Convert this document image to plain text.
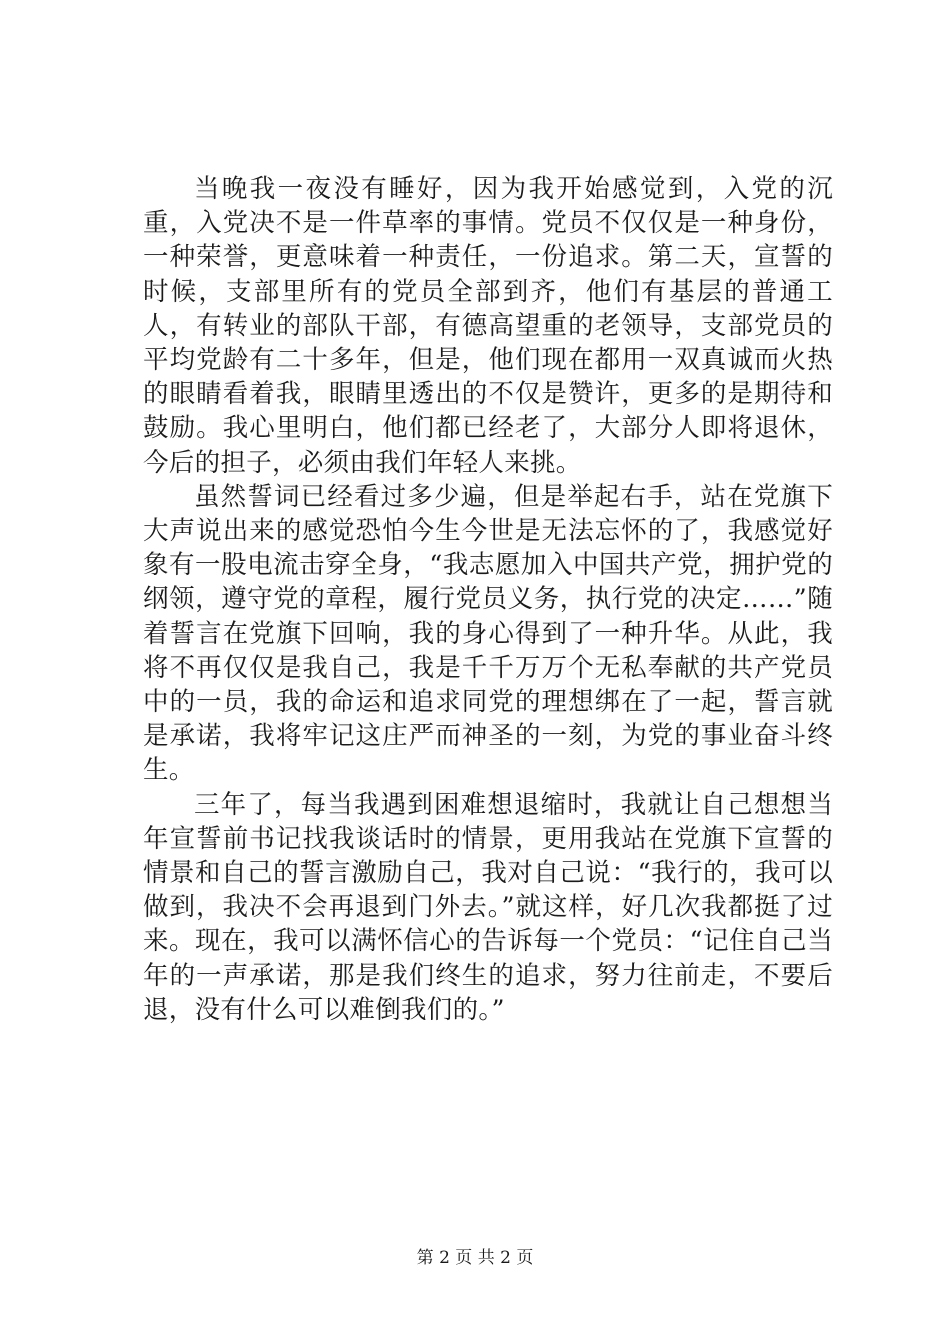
当晚我一夜没有睡好，因为我开始感觉到，入党的沉重，入党决不是一件草率的事情。党员不仅仅是一种身份，一种荣誉，更意味着一种责任，一份追求。第二天，宣誓的时候，支部里所有的党员全部到齐，他们有基层的普通工人，有转业的部队干部，有德高望重的老领导，支部党员的平均党龄有二十多年，但是，他们现在都用一双真诚而火热的眼睛看着我，眼睛里透出的不仅是赞许，更多的是期待和鼓励。我心里明白，他们都已经老了，大部分人即将退休，今后的担子，必须由我们年轻人来挑。

虽然誓词已经看过多少遍，但是举起右手，站在党旗下大声说出来的感觉恐怕今生今世是无法忘怀的了，我感觉好象有一股电流击穿全身，“我志愿加入中国共产党，拥护党的纲领，遵守党的章程，履行党员义务，执行党的决定……”随着誓言在党旗下回响，我的身心得到了一种升华。从此，我将不再仅仅是我自己，我是千千万万个无私奉献的共产党员中的一员，我的命运和追求同党的理想绑在了一起，誓言就是承诺，我将牢记这庄严而神圣的一刻，为党的事业奋斗终生。

三年了，每当我遇到困难想退缩时，我就让自己想想当年宣誓前书记找我谈话时的情景，更用我站在党旗下宣誓的情景和自己的誓言激励自己，我对自己说：“我行的，我可以做到，我决不会再退到门外去。”就这样，好几次我都挺了过来。现在，我可以满怀信心的告诉每一个党员：“记住自己当年的一声承诺，那是我们终生的追求，努力往前走，不要后退，没有什么可以难倒我们的。”

第 2 页 共 2 页
